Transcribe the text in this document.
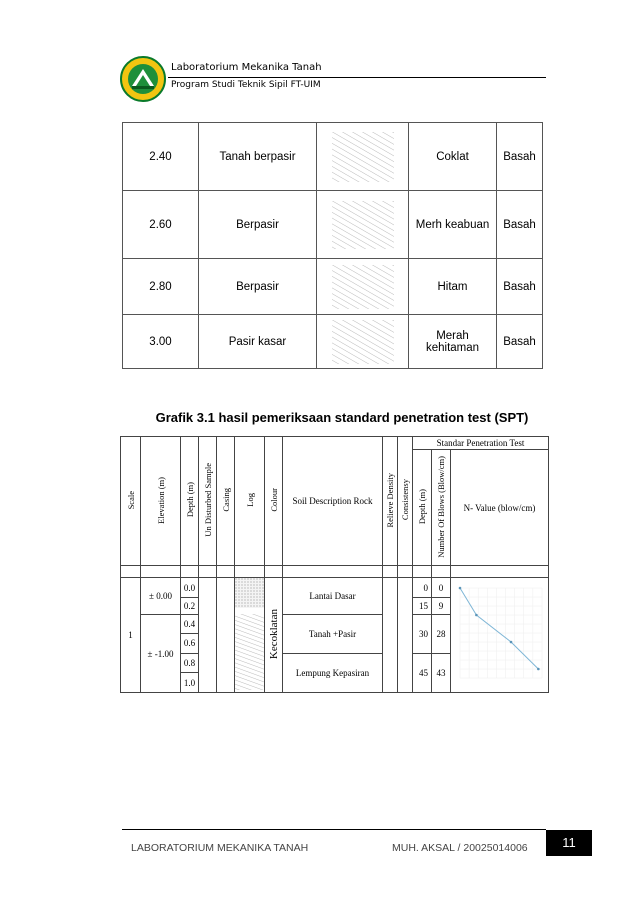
Laboratorium Mekanika Tanah
Program Studi Teknik Sipil FT-UIM
2.40	Tanah berpasir		Coklat	Basah
2.60	Berpasir		Merh keabuan	Basah
2.80	Berpasir		Hitam	Basah
3.00	Pasir kasar		Merah kehitaman	Basah
Grafik 3.1 hasil pemeriksaan standard penetration test (SPT)
Scale	Elevation (m)	Depth (m)	Un Disturbed Sample	Casing	Log	Colour	Soil Description Rock	Relieve Density	Consistensy	Standar Penetration Test		
										Depth (m)	Number Of Blows (Blow/cm)	N- Value (blow/cm)

1	± 0.00	0.0				Kecoklatan	Lantai Dasar			0	0	
		0.2								15	9	
	± -1.00	0.4					Tanah +Pasir			30	28	
		0.6										
		0.8					Lempung Kepasiran			45	43	
		1.0										
LABORATORIUM MEKANIKA TANAH	MUH. AKSAL / 20025014006	11
